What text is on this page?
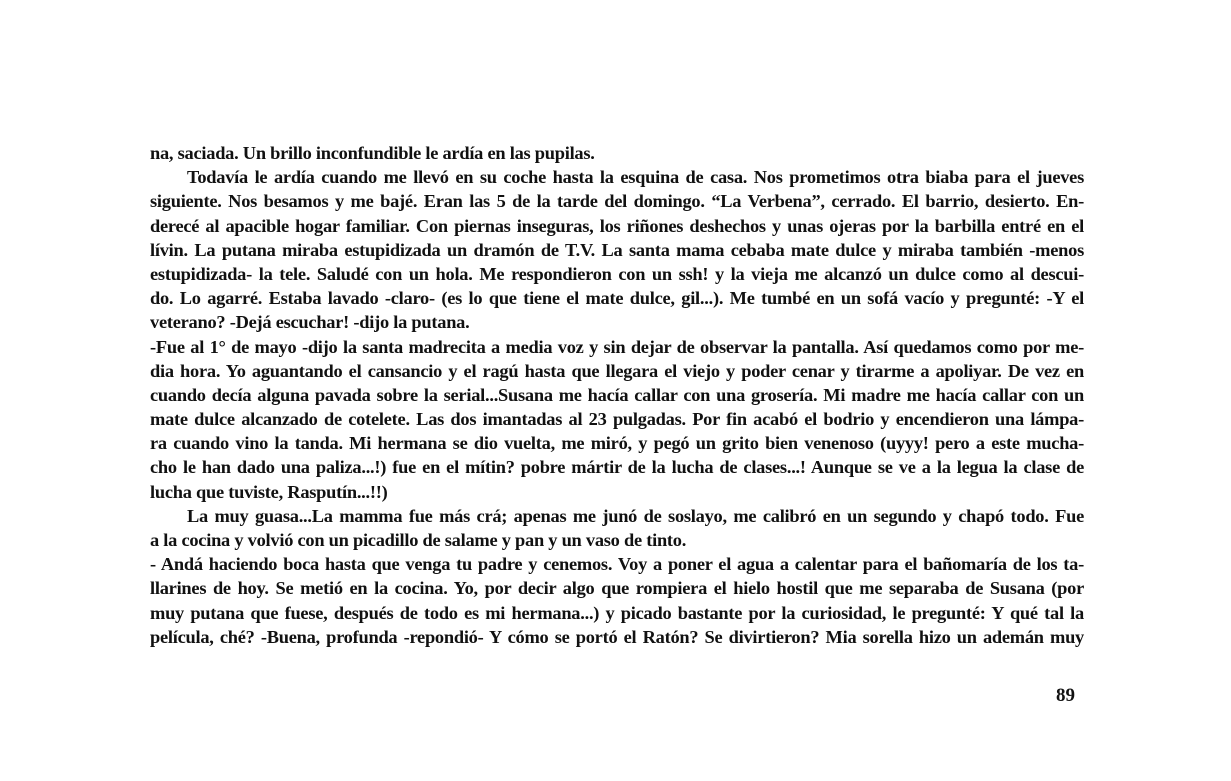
na, saciada. Un brillo inconfundible le ardía en las pupilas.
Todavía le ardía cuando me llevó en su coche hasta la esquina de casa. Nos prometimos otra biaba para el jueves
siguiente. Nos besamos y me bajé. Eran las 5 de la tarde del domingo. “La Verbena”, cerrado. El barrio, desierto. En-
derecé al apacible hogar familiar. Con piernas inseguras, los riñones deshechos y unas ojeras por la barbilla entré en el
lívin. La putana miraba estupidizada un dramón de T.V. La santa mama cebaba mate dulce y miraba también -menos
estupidizada- la tele. Saludé con un hola. Me respondieron con un ssh! y la vieja me alcanzó un dulce como al descui-
do. Lo agarré. Estaba lavado -claro- (es lo que tiene el mate dulce, gil...). Me tumbé en un sofá vacío y pregunté: -Y el
veterano? -Dejá escuchar! -dijo la putana.
-Fue al 1° de mayo -dijo la santa madrecita a media voz y sin dejar de observar la pantalla. Así quedamos como por me-
dia hora. Yo aguantando el cansancio y el ragú hasta que llegara el viejo y poder cenar y tirarme a apoliyar. De vez en
cuando decía alguna pavada sobre la serial...Susana me hacía callar con una grosería. Mi madre me hacía callar con un
mate dulce alcanzado de cotelete. Las dos imantadas al 23 pulgadas. Por fin acabó el bodrio y encendieron una lámpa-
ra cuando vino la tanda. Mi hermana se dio vuelta, me miró, y pegó un grito bien venenoso (uyyy! pero a este mucha-
cho le han dado una paliza...!) fue en el mítin? pobre mártir de la lucha de clases...! Aunque se ve a la legua la clase de
lucha que tuviste, Rasputín...!!)
La muy guasa...La mamma fue más crá; apenas me junó de soslayo, me calibró en un segundo y chapó todo. Fue
a la cocina y volvió con un picadillo de salame y pan y un vaso de tinto.
- Andá haciendo boca hasta que venga tu padre y cenemos. Voy a poner el agua a calentar para el bañomaría de los ta-
llarines de hoy. Se metió en la cocina. Yo, por decir algo que rompiera el hielo hostil que me separaba de Susana (por
muy putana que fuese, después de todo es mi hermana...) y picado bastante por la curiosidad, le pregunté: Y qué tal la
película, ché? -Buena, profunda -repondió- Y cómo se portó el Ratón? Se divirtieron? Mia sorella hizo un ademán muy
89
